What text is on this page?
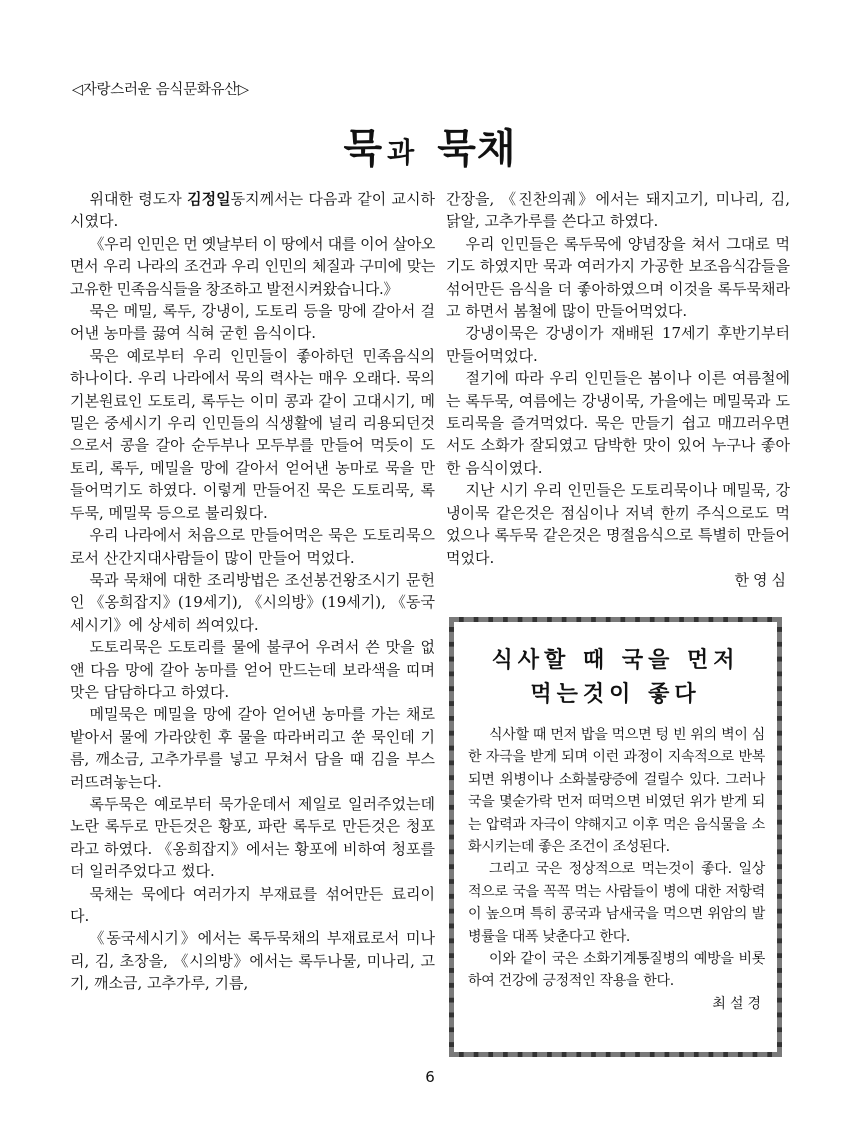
◁자랑스러운 음식문화유산▷
묵 과 묵채

위대한 령도자 김정일동지께서는 다음과 같이 교시하시였다.

《우리 인민은 먼 옛날부터 이 땅에서 대를 이어 살아오면서 우리 나라의 조건과 우리 인민의 체질과 구미에 맞는 고유한 민족음식들을 창조하고 발전시켜왔습니다.》

묵은 메밀, 록두, 강냉이, 도토리 등을 망에 갈아서 걸어낸 농마를 끓여 식혀 굳힌 음식이다.

묵은 예로부터 우리 인민들이 좋아하던 민족음식의 하나이다. 우리 나라에서 묵의 력사는 매우 오래다. 묵의 기본원료인 도토리, 록두는 이미 콩과 같이 고대시기, 메밀은 중세시기 우리 인민들의 식생활에 널리 리용되던것으로서 콩을 갈아 순두부나 모두부를 만들어 먹듯이 도토리, 록두, 메밀을 망에 갈아서 얻어낸 농마로 묵을 만들어먹기도 하였다. 이렇게 만들어진 묵은 도토리묵, 록두묵, 메밀묵 등으로 불리웠다.

우리 나라에서 처음으로 만들어먹은 묵은 도토리묵으로서 산간지대사람들이 많이 만들어 먹었다.

묵과 묵채에 대한 조리방법은 조선봉건왕조시기 문헌인 《옹희잡지》(19세기), 《시의방》(19세기), 《동국세시기》에 상세히 씌여있다.

도토리묵은 도토리를 물에 불쿠어 우려서 쓴 맛을 없앤 다음 망에 갈아 농마를 얻어 만드는데 보라색을 띠며 맛은 담담하다고 하였다.

메밀묵은 메밀을 망에 갈아 얻어낸 농마를 가는 채로 밭아서 물에 가라앉힌 후 물을 따라버리고 쑨 묵인데 기름, 깨소금, 고추가루를 넣고 무쳐서 담을 때 김을 부스러뜨려놓는다.

록두묵은 예로부터 묵가운데서 제일로 일러주었는데 노란 록두로 만든것은 황포, 파란 록두로 만든것은 청포라고 하였다. 《옹희잡지》에서는 황포에 비하여 청포를 더 일러주었다고 썼다.

묵채는 묵에다 여러가지 부재료를 섞어만든 료리이다.

《동국세시기》에서는 록두묵채의 부재료로서 미나리, 김, 초장을, 《시의방》에서는 록두나물, 미나리, 고기, 깨소금, 고추가루, 기름,

간장을, 《진찬의궤》에서는 돼지고기, 미나리, 김, 닭알, 고추가루를 쓴다고 하였다.

우리 인민들은 록두묵에 양념장을 쳐서 그대로 먹기도 하였지만 묵과 여러가지 가공한 보조음식감들을 섞어만든 음식을 더 좋아하였으며 이것을 록두묵채라고 하면서 봄철에 많이 만들어먹었다.

강냉이묵은 강냉이가 재배된 17세기 후반기부터 만들어먹었다.

절기에 따라 우리 인민들은 봄이나 이른 여름철에는 록두묵, 여름에는 강냉이묵, 가을에는 메밀묵과 도토리묵을 즐겨먹었다. 묵은 만들기 쉽고 매끄러우면서도 소화가 잘되였고 담박한 맛이 있어 누구나 좋아한 음식이였다.

지난 시기 우리 인민들은 도토리묵이나 메밀묵, 강냉이묵 같은것은 점심이나 저녁 한끼 주식으로도 먹었으나 록두묵 같은것은 명절음식으로 특별히 만들어먹었다.

한영심

식사할 때 국을 먼저
먹는것이 좋다

식사할 때 먼저 밥을 먹으면 텅 빈 위의 벽이 심한 자극을 받게 되며 이런 과정이 지속적으로 반복되면 위병이나 소화불량증에 걸릴수 있다. 그러나 국을 몇숟가락 먼저 떠먹으면 비였던 위가 받게 되는 압력과 자극이 약해지고 이후 먹은 음식물을 소화시키는데 좋은 조건이 조성된다.

그리고 국은 정상적으로 먹는것이 좋다. 일상적으로 국을 꼭꼭 먹는 사람들이 병에 대한 저항력이 높으며 특히 콩국과 남새국을 먹으면 위암의 발병률을 대폭 낮춘다고 한다.

이와 같이 국은 소화기계통질병의 예방을 비롯하여 건강에 긍정적인 작용을 한다.

최설경

6
